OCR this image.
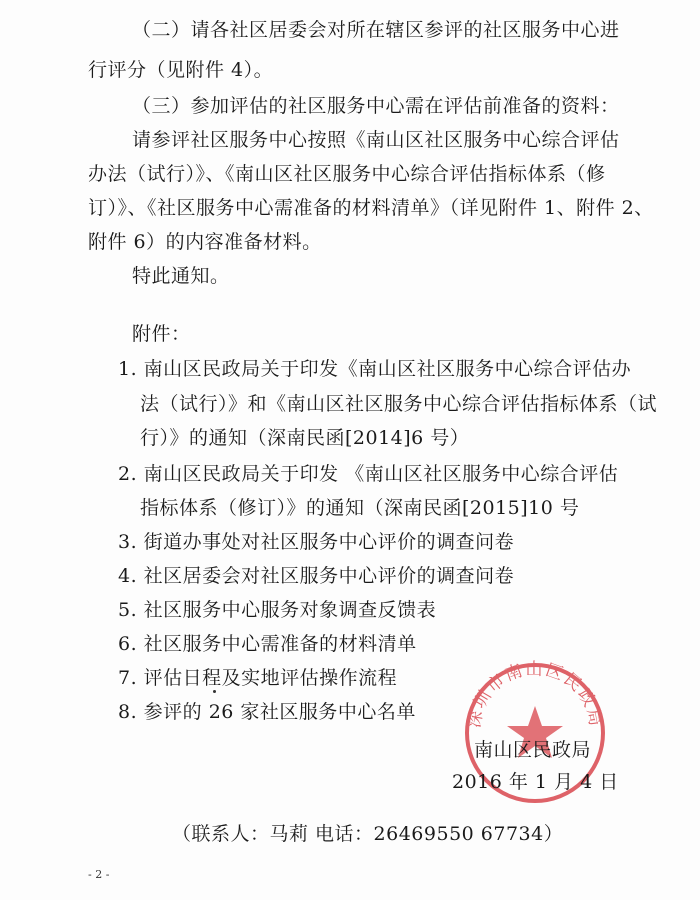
（二）请各社区居委会对所在辖区参评的社区服务中心进
行评分（见附件 4）。
（三）参加评估的社区服务中心需在评估前准备的资料：
请参评社区服务中心按照《南山区社区服务中心综合评估
办法（试行）》、《南山区社区服务中心综合评估指标体系（修
订）》、《社区服务中心需准备的材料清单》（详见附件 1、附件 2、
附件 6）的内容准备材料。
特此通知。
附件：
1. 南山区民政局关于印发《南山区社区服务中心综合评估办
法（试行）》和《南山区社区服务中心综合评估指标体系（试
行）》的通知（深南民函[2014]6 号）
2. 南山区民政局关于印发 《南山区社区服务中心综合评估
指标体系（修订）》的通知（深南民函[2015]10 号
3. 街道办事处对社区服务中心评价的调查问卷
4. 社区居委会对社区服务中心评价的调查问卷
5. 社区服务中心服务对象调查反馈表
6. 社区服务中心需准备的材料清单
7. 评估日程及实地评估操作流程
8. 参评的 26 家社区服务中心名单	深圳市南山区民政局
南山区民政局
2016 年 1 月 4 日
（联系人：马莉 电话：26469550 67734）
- 2 -
